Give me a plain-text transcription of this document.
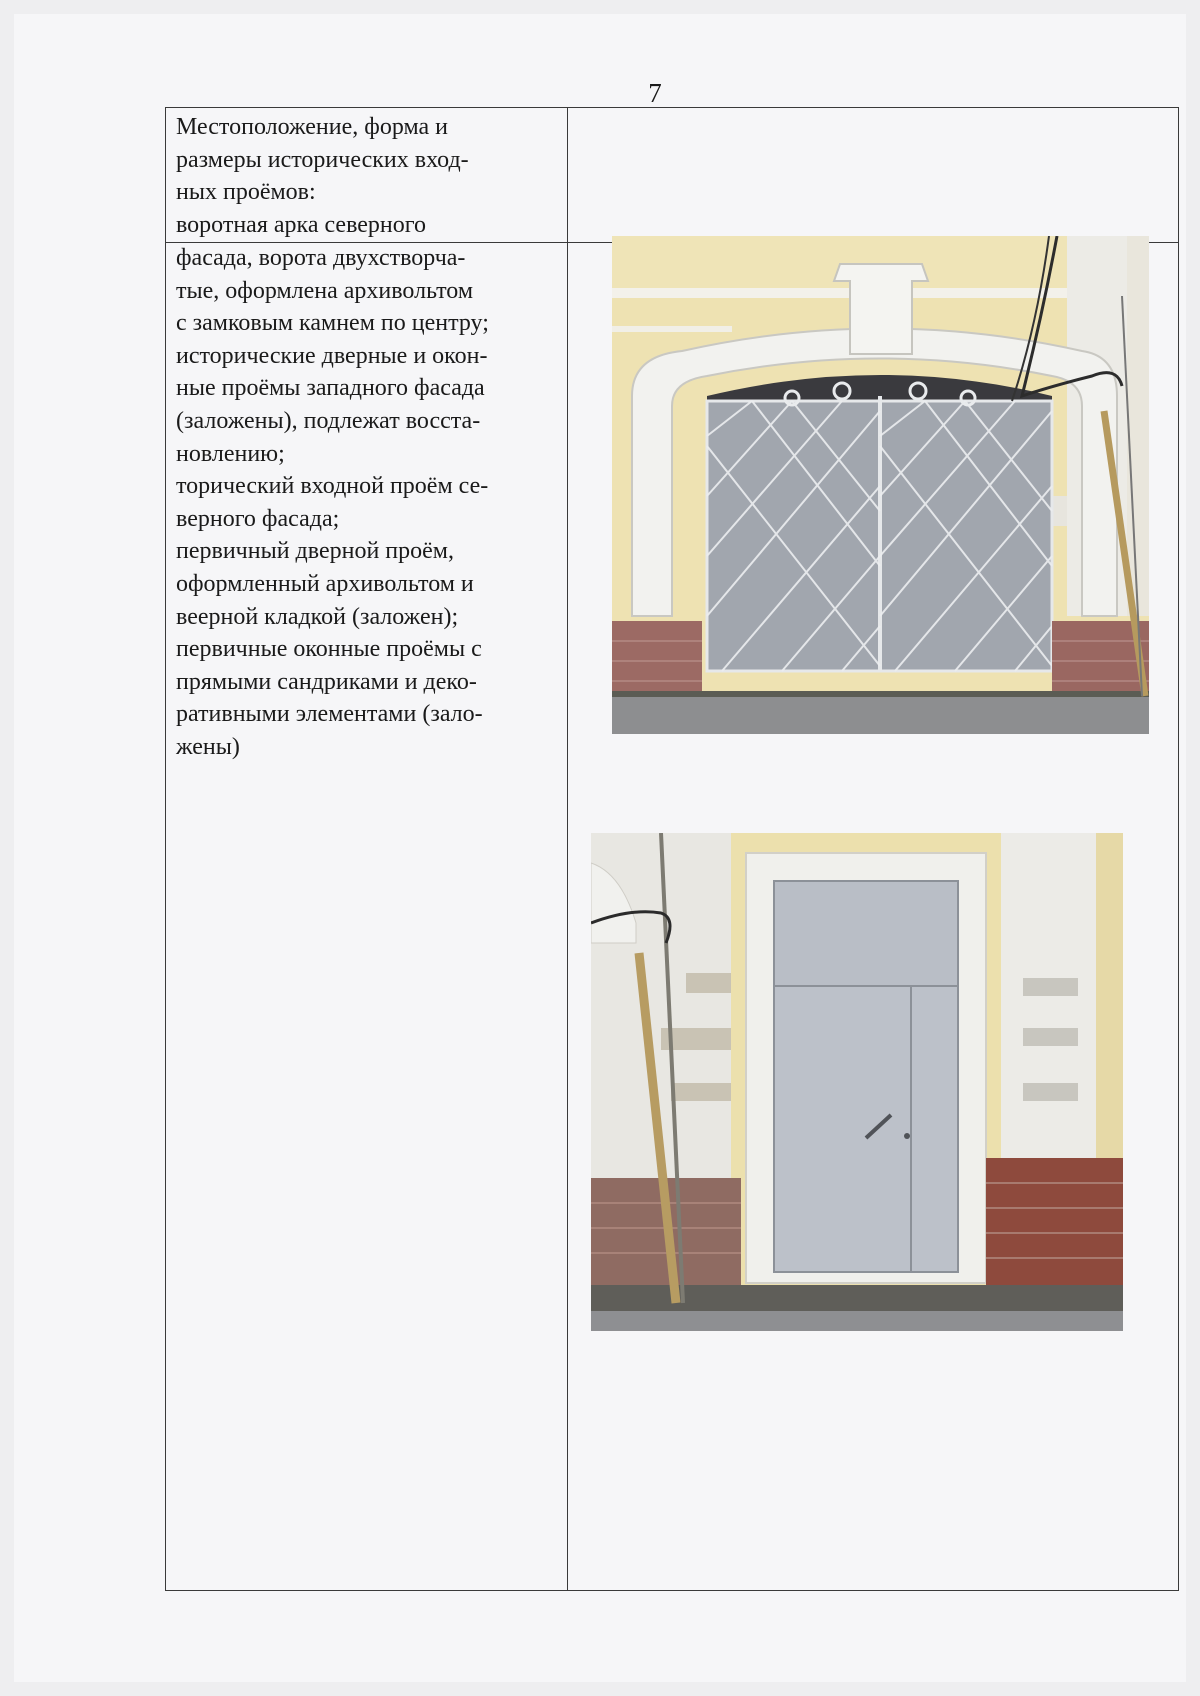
7

Местоположение, форма и

размеры исторических вход-

ных проёмов:

воротная арка северного

фасада, ворота двухстворча-

тые, оформлена архивольтом

с замковым камнем по центру;

исторические дверные и окон-

ные проёмы западного фасада

(заложены), подлежат восста-

новлению;

торический входной проём се-

верного фасада;

первичный дверной проём,

оформленный архивольтом и

веерной кладкой (заложен);

первичные оконные проёмы с

прямыми сандриками и деко-

ративными элементами (зало-

жены)
